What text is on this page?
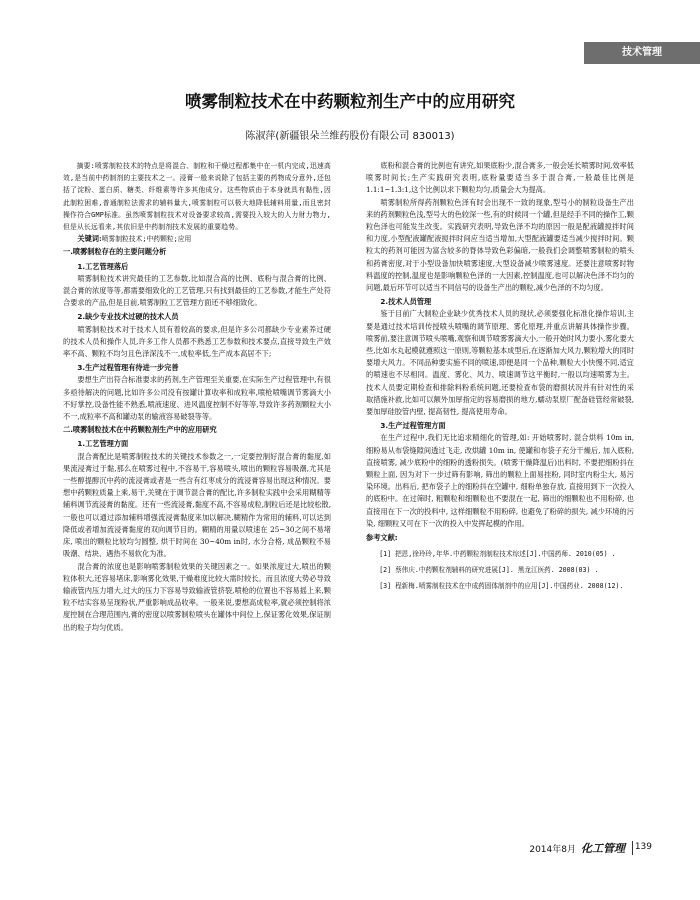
技术管理
喷雾制粒技术在中药颗粒剂生产中的应用研究
陈淑萍(新疆银朵兰维药股份有限公司 830013)

摘要:喷雾制粒技术的特点是将混合、制粒和干燥过程都集中在一机内完成,迅速高效,是当前中药制剂的主要技术之一。浸膏一般来说除了包括主要的药物成分意外,还包括了淀粉、蛋白质、糖类、纤维素等许多其他成分。这些物质由于本身就具有黏性,因此制粒困难,普通制粒法需求的辅料量大,喷雾制粒可以极大地降低辅料用量,而且密封操作符合GMP标准。虽然喷雾制粒技术对设备要求较高,需要投入较大的人力财力物力,但是从长远看来,其依旧是中药制剂技术发展的重要趋势。

关键词:喷雾制粒技术;中药颗粒;应用

一.喷雾制粒存在的主要问题分析

1.工艺管理落后

喷雾制粒技术讲究最佳的工艺参数,比如混合高的比例、底粉与混合膏的比例、混合膏的浓度等等,都需要细致化的工艺管理,只有找到最佳的工艺参数,才能生产处符合要求的产品,但是目前,喷雾制粒工艺管理方面还不够细致化。

2.缺少专业技术过硬的技术人员

喷雾制粒技术对于技术人员有着较高的要求,但是许多公司都缺少专业素养过硬的技术人员和操作人员,许多工作人员都不熟悉工艺参数和技术要点,直接导致生产效率不高、颗粒不均匀且色泽深浅不一,成粒率低,生产成本高居不下;

3.生产过程管理有待进一步完善

要想生产出符合标准要求的药剂,生产管理至关重要,在实际生产过程管理中,有很多亟待解决的问题,比如许多公司没有按罐计算收率和成粒率,喷枪喷嘴调节雾滴大小不好掌控,设备性能不熟悉,喷液速度、进风温度控制不好等等,导致许多药剂颗粒大小不一,成粒率不高和罐动泵的输液容易破裂等等。

二.喷雾制粒技术在中药颗粒剂生产中的应用研究

1.工艺管理方面

混合膏配比是喷雾制粒技术的关键技术参数之一,一定要控制好混合膏的黏度,如果流浸膏过于黏,那么在喷雾过程中,不容易干,容易喷头,喷出的颗粒容易吸潮,尤其是一些醇提醇沉中药的流浸膏或者是一些含有红枣成分的流浸膏容易出现这种情况。要想中药颗粒质量上乘,易干,关键在于调节混合膏的配比,许多制粒实践中会采用糊精等辅料调节流浸膏的黏度。还有一些流浸膏,黏度不高,不容易成粒,制粒后还是比较松散,一般也可以通过添加辅料增强流浸膏黏度来加以解决,糊精作为常用的辅料,可以达到降低或者增加流浸膏黏度的双向调节目的。糊精的用量以喷速在 25~30之间不易堵床, 喷出的颗粒比较均匀圆整, 烘干时间在 30~40m in时, 水分合格, 成品颗粒不易吸潮、结块、遇热不易软化为准。

混合膏的浓度也是影响喷雾制粒效果的关键因素之一。如果浓度过大,喷出的颗粒体积大,还容易堵床,影响雾化效果,干燥难度比较大需时较长。而且浓度大势必导致输液管内压力增大,过大的压力下容易导致输液管挤裂,喷枪的位置也不容易摇上来,颗粒不结实容易呈现粉状,严重影响成品收率。一般来说,要想高成粒率,就必须控制将浓度控制在合理范围内,膏的密度以喷雾制粒喷头在罐体中间位上,保证雾化效果,保证制出的粒子均匀优质。

底粉和混合膏的比例也有讲究,如果底粉少,混合膏多,一般会延长喷雾时间,效率低喷雾时间长;生产实践研究表明,底粉量要适当多于混合膏,一般最佳比例是 1.1:1~1.3:1,这个比例以求下颗粒均匀,质量会大为提高。

喷雾制粒所得药剂颗粒色泽有时会出现不一致的现象,型号小的制粒设备生产出来的药剂颗粒色浅,型号大的色较深一些,有的时候同一个罐,但是经手不同的操作工,颗粒色泽也可能发生改变。实践研究表明,导致色泽不均的原因一般是配液罐搅拌时间和力度,小型配液罐配液搅拌时间应当适当增加,大型配液罐要适当减少搅拌时间。颗粒太的药剂可能因为富含较多的脊体导致色彩偏暗,一般我们会调整喷雾制粒的喷头和药膏密度,对于小型设备加快喷雾速度,大型设备减少喷雾速度。还要注意喷雾时物料温度的控制,温度也是影响颗粒色泽的一大因素,控制温度,也可以解决色泽不均匀的问题,最后环节可以适当不同信号的设备生产出的颗粒,减少色泽的不均匀度。

2.技术人员管理

鉴于目前广大制粒企业缺少优秀技术人员的现状,必须要强化标准化操作培训,主要是通过技术培训传授喷头喷嘴的调节原理、雾化原理,并重点讲解具体操作步骤。喷雾前,要注意调节喷头喷嘴,观察和调节喷雾雾滴大小,一般开始时风力要小,雾化要大些,比如水丸起模就遵照这一原则,等颗粒基本成型后,在逐渐加大风力,颗粒增大的同时要增大风力。不同品种要实施不同的喷速,即便是同一个品种,颗粒大小快慢不同,适宜的喷速也不尽相同。温度、雾化、风力、喷速调节这平衡时,一般以均速喷雾为主。技术人员要定期检查和排除料粉系统问题,还要检查布袋的磨损状况并有针对性的采取措施补救,比如可以额外加厚指定的容易磨损的地方,蠕动泵原厂配备硅管经常破裂, 要加厚硅胶管内壁, 提高韧性, 提高使用寿命。

3.生产过程管理方面

在生产过程中,我们无比追求精细化的管理,如: 开始喷雾时, 混合烘料 10m in, 细粉易从布袋缝隙间透过飞走, 改烘罐 10m in, 使罐和布袋子充分干燥后, 加入底粉, 直接喷雾, 减少底粉中的细粉的透粉损失。(喷雾干燥降温后)出料时, 不要把细粉抖在颗粒上面, 因为对下一步过筛有影响, 筛出的颗粒上面易挂粉, 同时室内粉尘大, 易污染环境。出料后, 把布袋子上的细粉抖在空罐中, 细粉单独存放, 直接用到下一次投入的底粉中。在过筛时, 粗颗粒和细颗粒也不要混在一起, 筛出的细颗粒也不用粉碎, 也直接用在下一次的投料中, 这样细颗粒不用粉碎, 也避免了粉碎的损失, 减少环境的污染, 细颗粒又可在下一次的投入中发挥起模的作用。

参考文献:

[1] 把恩,徐玲玲,年华.中药颗粒剂制粒技术综述[J].中国药师. 2010(05) .

[2] 蔡伟庆.中药颗粒剂辅料的研究进展[J]. 黑龙江医药. 2008(03) .

[3] 程新梅.喷雾制粒技术在中成药固体制剂中的应用[J].中国药业. 2008(12).

2014年8月 化工管理 139
